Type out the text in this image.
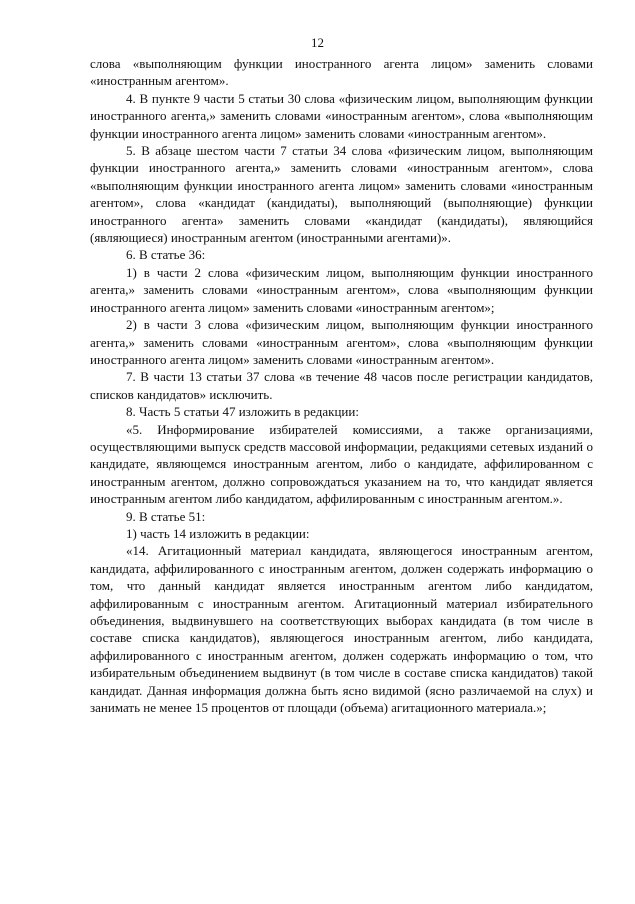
12

слова «выполняющим функции иностранного агента лицом» заменить словами «иностранным агентом».

4. В пункте 9 части 5 статьи 30 слова «физическим лицом, выполняющим функции иностранного агента,» заменить словами «иностранным агентом», слова «выполняющим функции иностранного агента лицом» заменить словами «иностранным агентом».

5. В абзаце шестом части 7 статьи 34 слова «физическим лицом, выполняющим функции иностранного агента,» заменить словами «иностранным агентом», слова «выполняющим функции иностранного агента лицом» заменить словами «иностранным агентом», слова «кандидат (кандидаты), выполняющий (выполняющие) функции иностранного агента» заменить словами «кандидат (кандидаты), являющийся (являющиеся) иностранным агентом (иностранными агентами)».

6. В статье 36:

1) в части 2 слова «физическим лицом, выполняющим функции иностранного агента,» заменить словами «иностранным агентом», слова «выполняющим функции иностранного агента лицом» заменить словами «иностранным агентом»;

2) в части 3 слова «физическим лицом, выполняющим функции иностранного агента,» заменить словами «иностранным агентом», слова «выполняющим функции иностранного агента лицом» заменить словами «иностранным агентом».

7. В части 13 статьи 37 слова «в течение 48 часов после регистрации кандидатов, списков кандидатов» исключить.

8. Часть 5 статьи 47 изложить в редакции:

«5. Информирование избирателей комиссиями, а также организациями, осуществляющими выпуск средств массовой информации, редакциями сетевых изданий о кандидате, являющемся иностранным агентом, либо о кандидате, аффилированном с иностранным агентом, должно сопровождаться указанием на то, что кандидат является иностранным агентом либо кандидатом, аффилированным с иностранным агентом.».

9. В статье 51:

1) часть 14 изложить в редакции:

«14. Агитационный материал кандидата, являющегося иностранным агентом, кандидата, аффилированного с иностранным агентом, должен содержать информацию о том, что данный кандидат является иностранным агентом либо кандидатом, аффилированным с иностранным агентом. Агитационный материал избирательного объединения, выдвинувшего на соответствующих выборах кандидата (в том числе в составе списка кандидатов), являющегося иностранным агентом, либо кандидата, аффилированного с иностранным агентом, должен содержать информацию о том, что избирательным объединением выдвинут (в том числе в составе списка кандидатов) такой кандидат. Данная информация должна быть ясно видимой (ясно различаемой на слух) и занимать не менее 15 процентов от площади (объема) агитационного материала.»;
